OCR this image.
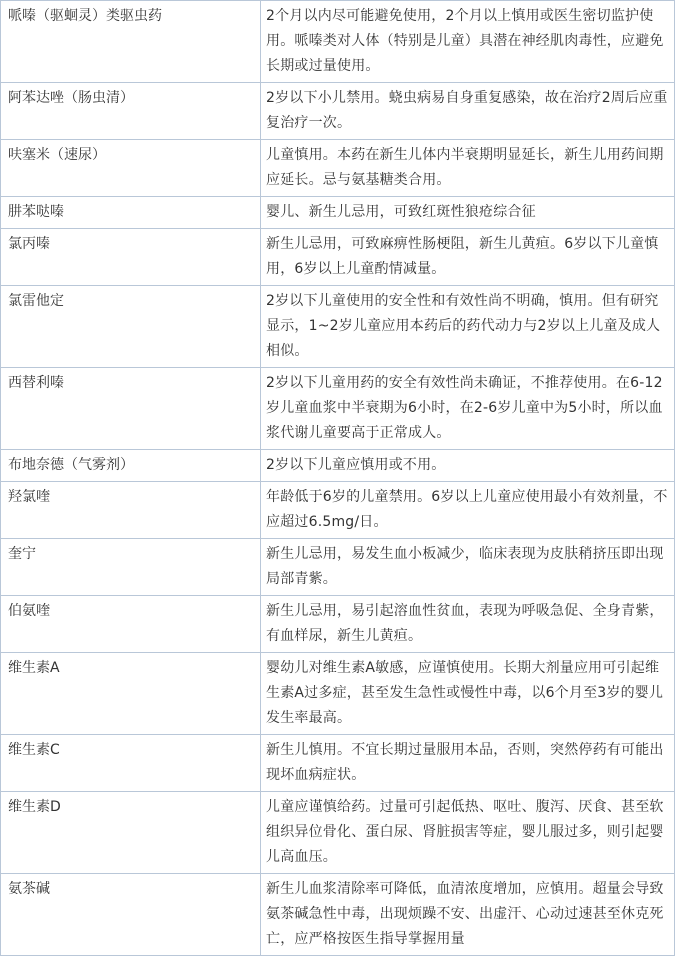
哌嗪（驱蛔灵）类驱虫药	2个月以内尽可能避免使用，2个月以上慎用或医生密切监护使用。哌嗪类对人体（特别是儿童）具潜在神经肌肉毒性，应避免长期或过量使用。
阿苯达唑（肠虫清）	2岁以下小儿禁用。蛲虫病易自身重复感染，故在治疗2周后应重复治疗一次。
呋塞米（速尿）	儿童慎用。本药在新生儿体内半衰期明显延长，新生儿用药间期应延长。忌与氨基糖类合用。
肼苯哒嗪	婴儿、新生儿忌用，可致红斑性狼疮综合征
氯丙嗪	新生儿忌用，可致麻痹性肠梗阻，新生儿黄疸。6岁以下儿童慎用，6岁以上儿童酌情减量。
氯雷他定	2岁以下儿童使用的安全性和有效性尚不明确，慎用。但有研究显示，1~2岁儿童应用本药后的药代动力与2岁以上儿童及成人相似。
西替利嗪	2岁以下儿童用药的安全有效性尚未确证，不推荐使用。在6-12岁儿童血浆中半衰期为6小时，在2-6岁儿童中为5小时，所以血浆代谢儿童要高于正常成人。
布地奈德（气雾剂）	2岁以下儿童应慎用或不用。
羟氯喹	年龄低于6岁的儿童禁用。6岁以上儿童应使用最小有效剂量，不应超过6.5mg/日。
奎宁	新生儿忌用，易发生血小板减少，临床表现为皮肤稍挤压即出现局部青紫。
伯氨喹	新生儿忌用，易引起溶血性贫血，表现为呼吸急促、全身青紫，有血样尿，新生儿黄疸。
维生素A	婴幼儿对维生素A敏感，应谨慎使用。长期大剂量应用可引起维生素A过多症，甚至发生急性或慢性中毒，以6个月至3岁的婴儿发生率最高。
维生素C	新生儿慎用。不宜长期过量服用本品，否则，突然停药有可能出现坏血病症状。
维生素D	儿童应谨慎给药。过量可引起低热、呕吐、腹泻、厌食、甚至软组织异位骨化、蛋白尿、肾脏损害等症，婴儿服过多，则引起婴儿高血压。
氨茶碱	新生儿血浆清除率可降低，血清浓度增加，应慎用。超量会导致氨茶碱急性中毒，出现烦躁不安、出虚汗、心动过速甚至休克死亡，应严格按医生指导掌握用量
